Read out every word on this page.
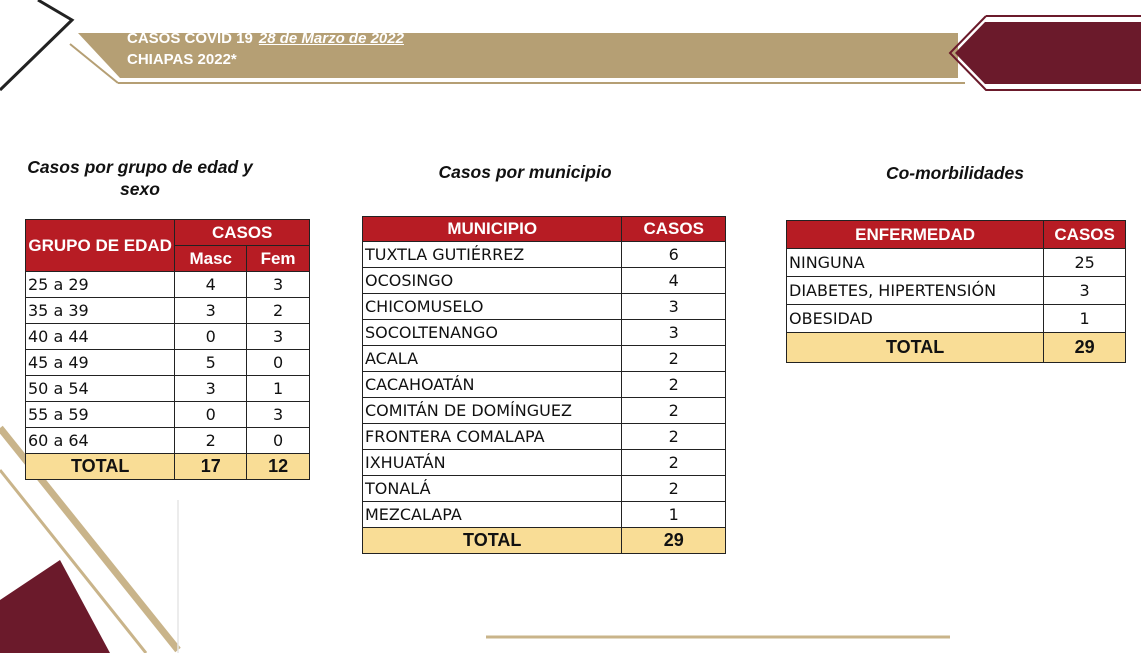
CASOS COVID 19 28 de Marzo de 2022
CHIAPAS 2022*
Casos por grupo de edad y sexo
Casos por municipio	Co-morbilidades
GRUPO DE EDAD	CASOS	
	Masc	Fem
25 a 29	4	3
35 a 39	3	2
40 a 44	0	3
45 a 49	5	0
50 a 54	3	1
55 a 59	0	3
60 a 64	2	0
TOTAL	17	12
MUNICIPIO	CASOS
TUXTLA GUTIÉRREZ	6
OCOSINGO	4
CHICOMUSELO	3
SOCOLTENANGO	3
ACALA	2
CACAHOATÁN	2
COMITÁN DE DOMÍNGUEZ	2
FRONTERA COMALAPA	2
IXHUATÁN	2
TONALÁ	2
MEZCALAPA	1
TOTAL	29
ENFERMEDAD	CASOS
NINGUNA	25
DIABETES, HIPERTENSIÓN	3
OBESIDAD	1
TOTAL	29
